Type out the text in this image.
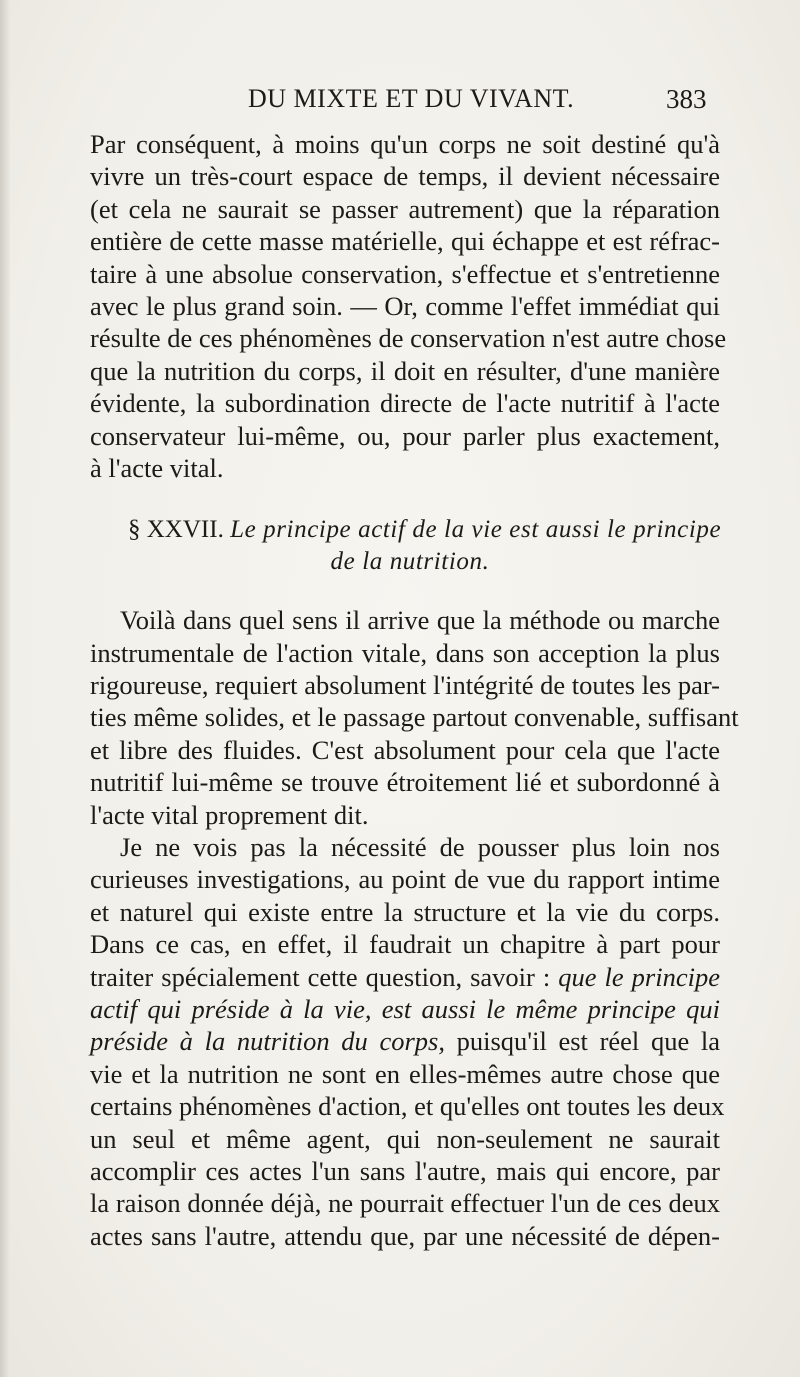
DU MIXTE ET DU VIVANT.	383
Par conséquent, à moins qu'un corps ne soit destiné qu'à
vivre un très-court espace de temps, il devient nécessaire
(et cela ne saurait se passer autrement) que la réparation
entière de cette masse matérielle, qui échappe et est réfrac-
taire à une absolue conservation, s'effectue et s'entretienne
avec le plus grand soin. — Or, comme l'effet immédiat qui
résulte de ces phénomènes de conservation n'est autre chose
que la nutrition du corps, il doit en résulter, d'une manière
évidente, la subordination directe de l'acte nutritif à l'acte
conservateur lui-même, ou, pour parler plus exactement,
à l'acte vital.
§ XXVII. Le principe actif de la vie est aussi le principe
de la nutrition.
Voilà dans quel sens il arrive que la méthode ou marche
instrumentale de l'action vitale, dans son acception la plus
rigoureuse, requiert absolument l'intégrité de toutes les par-
ties même solides, et le passage partout convenable, suffisant
et libre des fluides. C'est absolument pour cela que l'acte
nutritif lui-même se trouve étroitement lié et subordonné à
l'acte vital proprement dit.
Je ne vois pas la nécessité de pousser plus loin nos
curieuses investigations, au point de vue du rapport intime
et naturel qui existe entre la structure et la vie du corps.
Dans ce cas, en effet, il faudrait un chapitre à part pour
traiter spécialement cette question, savoir : que le principe
actif qui préside à la vie, est aussi le même principe qui
préside à la nutrition du corps, puisqu'il est réel que la
vie et la nutrition ne sont en elles-mêmes autre chose que
certains phénomènes d'action, et qu'elles ont toutes les deux
un seul et même agent, qui non-seulement ne saurait
accomplir ces actes l'un sans l'autre, mais qui encore, par
la raison donnée déjà, ne pourrait effectuer l'un de ces deux
actes sans l'autre, attendu que, par une nécessité de dépen-
